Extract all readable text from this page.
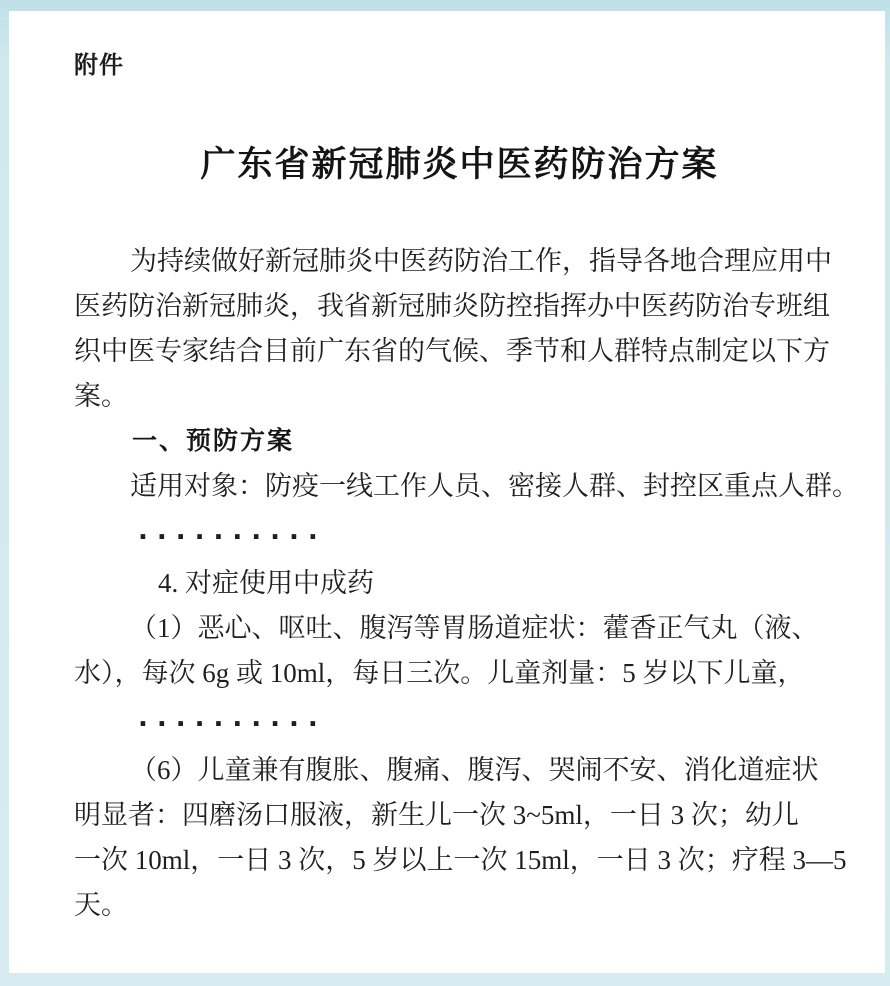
附件
广东省新冠肺炎中医药防治方案
为持续做好新冠肺炎中医药防治工作，指导各地合理应用中
医药防治新冠肺炎，我省新冠肺炎防控指挥办中医药防治专班组
织中医专家结合目前广东省的气候、季节和人群特点制定以下方
案。
一、预防方案
适用对象：防疫一线工作人员、密接人群、封控区重点人群。
..........
4. 对症使用中成药
（1）恶心、呕吐、腹泻等胃肠道症状：藿香正气丸（液、
水），每次 6g 或 10ml，每日三次。儿童剂量：5 岁以下儿童，
..........
（6）儿童兼有腹胀、腹痛、腹泻、哭闹不安、消化道症状
明显者：四磨汤口服液，新生儿一次 3~5ml，一日 3 次；幼儿
一次 10ml，一日 3 次，5 岁以上一次 15ml，一日 3 次；疗程 3—5
天。
